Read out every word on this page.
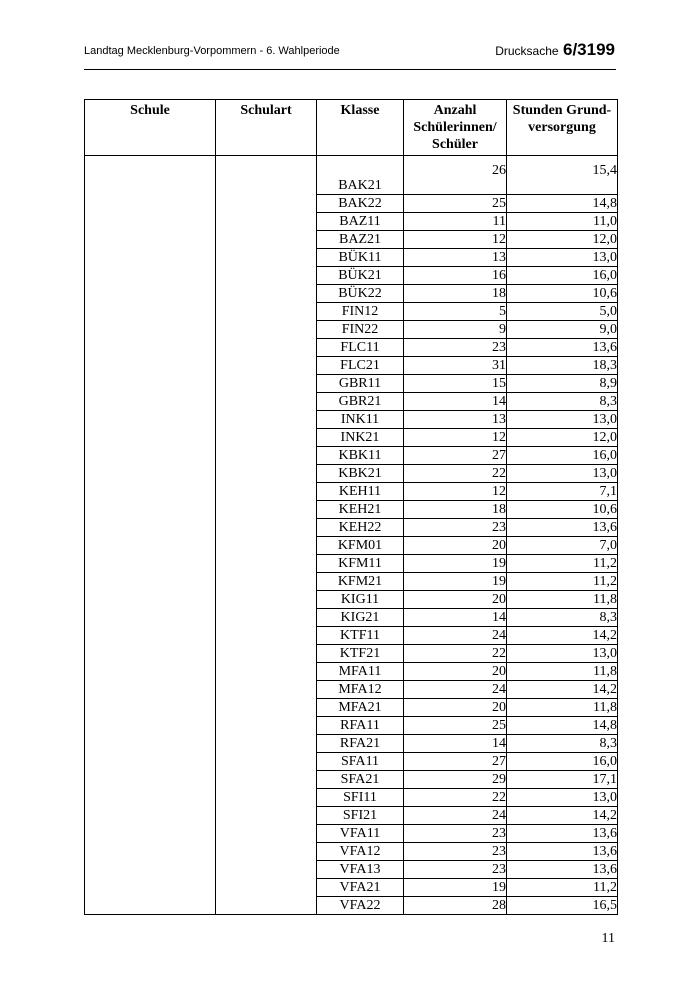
Landtag Mecklenburg-Vorpommern - 6. Wahlperiode	Drucksache 6/3199
Schule	Schulart	Klasse	Anzahl Schülerinnen/ Schüler	Stunden Grund-versorgung
		BAK21	26	15,4
		BAK22	25	14,8
		BAZ11	11	11,0
		BAZ21	12	12,0
		BÜK11	13	13,0
		BÜK21	16	16,0
		BÜK22	18	10,6
		FIN12	5	5,0
		FIN22	9	9,0
		FLC11	23	13,6
		FLC21	31	18,3
		GBR11	15	8,9
		GBR21	14	8,3
		INK11	13	13,0
		INK21	12	12,0
		KBK11	27	16,0
		KBK21	22	13,0
		KEH11	12	7,1
		KEH21	18	10,6
		KEH22	23	13,6
		KFM01	20	7,0
		KFM11	19	11,2
		KFM21	19	11,2
		KIG11	20	11,8
		KIG21	14	8,3
		KTF11	24	14,2
		KTF21	22	13,0
		MFA11	20	11,8
		MFA12	24	14,2
		MFA21	20	11,8
		RFA11	25	14,8
		RFA21	14	8,3
		SFA11	27	16,0
		SFA21	29	17,1
		SFI11	22	13,0
		SFI21	24	14,2
		VFA11	23	13,6
		VFA12	23	13,6
		VFA13	23	13,6
		VFA21	19	11,2
		VFA22	28	16,5
11
